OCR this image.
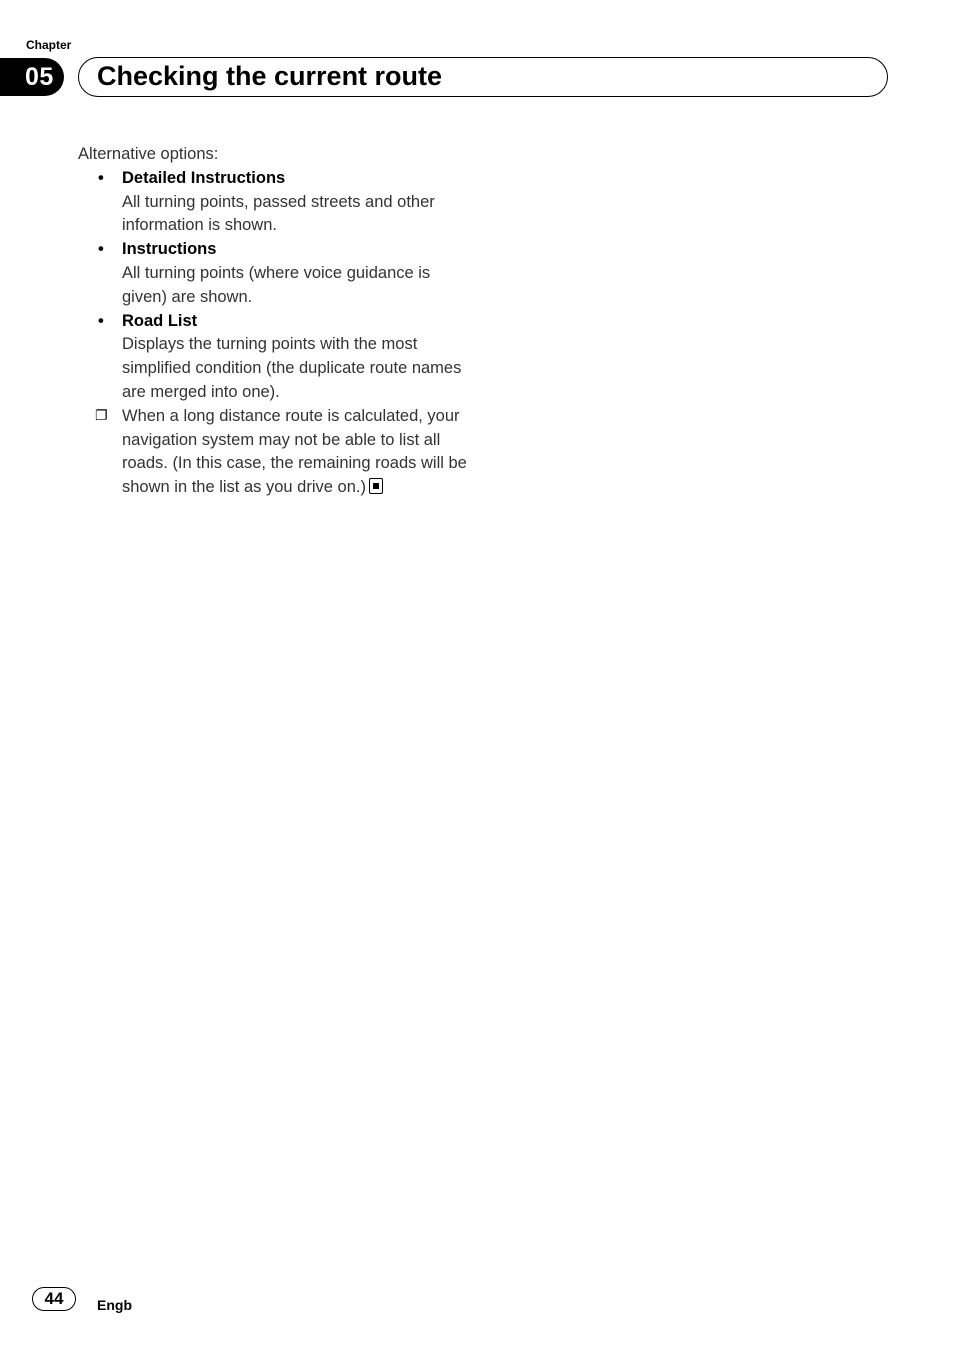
Chapter
05	Checking the current route

Alternative options:

• Detailed Instructions
All turning points, passed streets and other information is shown.
• Instructions
All turning points (where voice guidance is given) are shown.
• Road List
Displays the turning points with the most simplified condition (the duplicate route names are merged into one).
❐ When a long distance route is calculated, your navigation system may not be able to list all roads. (In this case, the remaining roads will be shown in the list as you drive on.)
44	Engb
